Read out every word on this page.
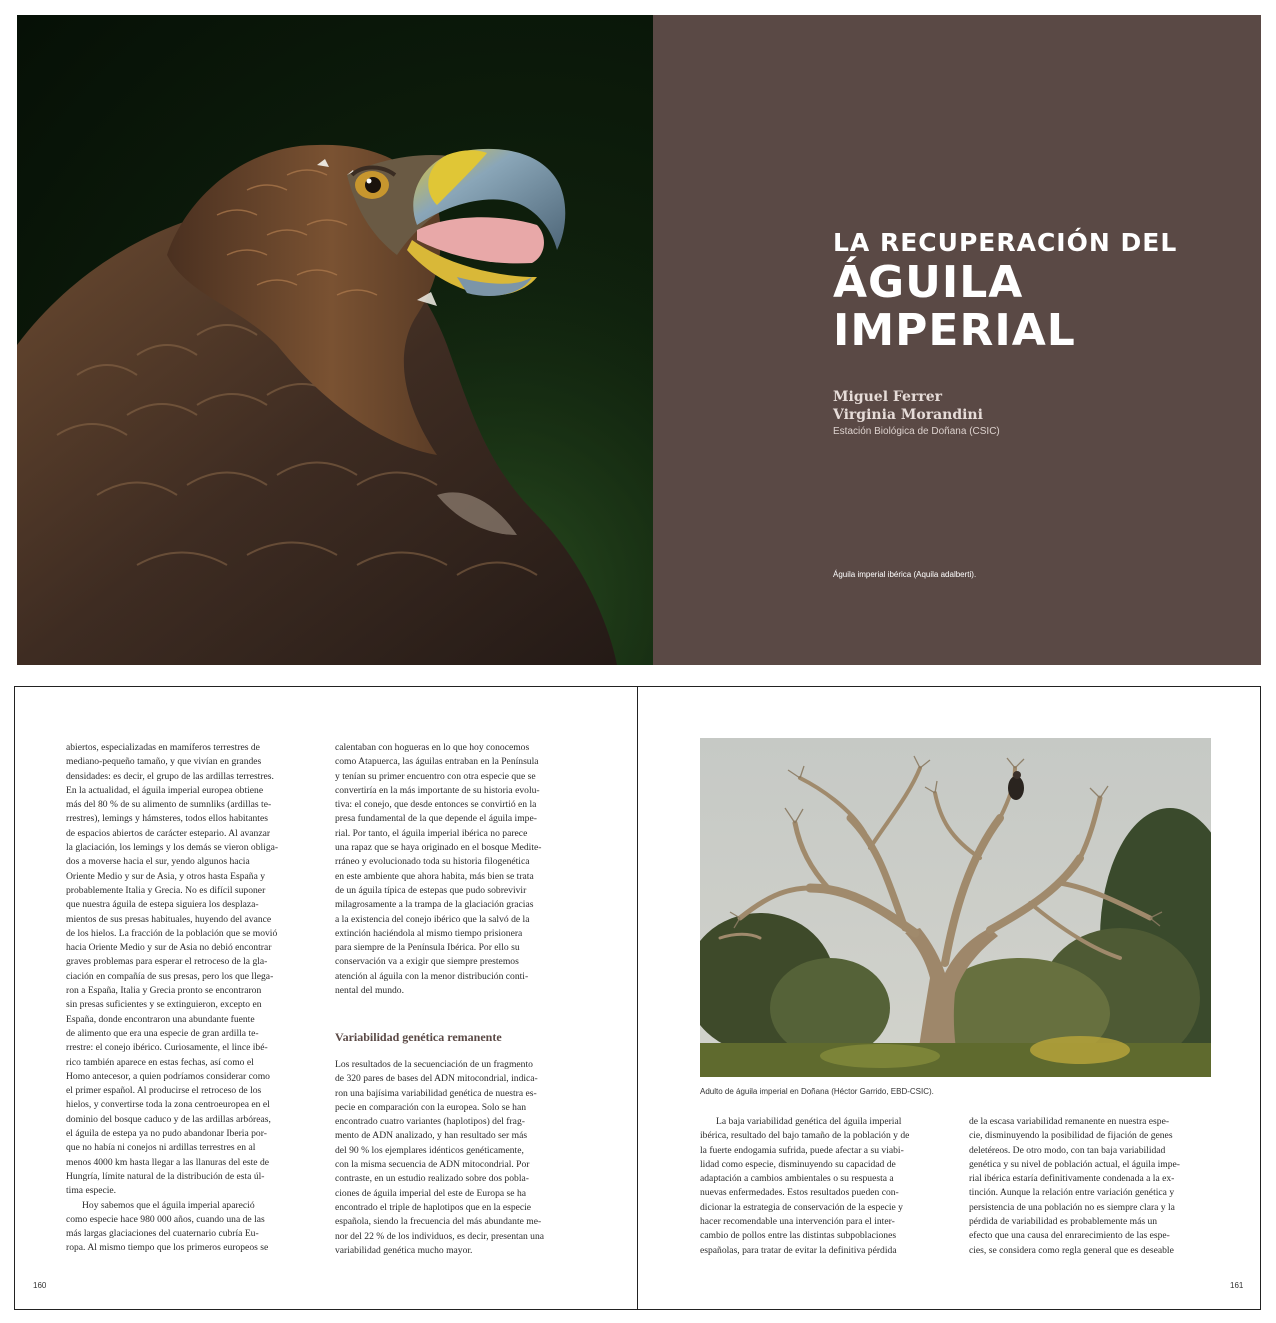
LA RECUPERACIÓN DEL
ÁGUILA
IMPERIAL
Miguel Ferrer
Virginia Morandini
Estación Biológica de Doñana (CSIC)
Águila imperial ibérica (Aquila adalberti).
abiertos, especializadas en mamíferos terrestres de
mediano-pequeño tamaño, y que vivían en grandes
densidades: es decir, el grupo de las ardillas terrestres.
En la actualidad, el águila imperial europea obtiene
más del 80 % de su alimento de sumnliks (ardillas te-
rrestres), lemings y hámsteres, todos ellos habitantes
de espacios abiertos de carácter estepario. Al avanzar
la glaciación, los lemings y los demás se vieron obliga-
dos a moverse hacia el sur, yendo algunos hacia
Oriente Medio y sur de Asia, y otros hasta España y
probablemente Italia y Grecia. No es difícil suponer
que nuestra águila de estepa siguiera los desplaza-
mientos de sus presas habituales, huyendo del avance
de los hielos. La fracción de la población que se movió
hacia Oriente Medio y sur de Asia no debió encontrar
graves problemas para esperar el retroceso de la gla-
ciación en compañía de sus presas, pero los que llega-
ron a España, Italia y Grecia pronto se encontraron
sin presas suficientes y se extinguieron, excepto en
España, donde encontraron una abundante fuente
de alimento que era una especie de gran ardilla te-
rrestre: el conejo ibérico. Curiosamente, el lince ibé-
rico también aparece en estas fechas, así como el
Homo antecesor, a quien podríamos considerar como
el primer español. Al producirse el retroceso de los
hielos, y convertirse toda la zona centroeuropea en el
dominio del bosque caduco y de las ardillas arbóreas,
el águila de estepa ya no pudo abandonar Iberia por-
que no había ni conejos ni ardillas terrestres en al
menos 4000 km hasta llegar a las llanuras del este de
Hungría, límite natural de la distribución de esta úl-
tima especie.
Hoy sabemos que el águila imperial apareció
como especie hace 980 000 años, cuando una de las
más largas glaciaciones del cuaternario cubría Eu-
ropa. Al mismo tiempo que los primeros europeos se
calentaban con hogueras en lo que hoy conocemos
como Atapuerca, las águilas entraban en la Península
y tenían su primer encuentro con otra especie que se
convertiría en la más importante de su historia evolu-
tiva: el conejo, que desde entonces se convirtió en la
presa fundamental de la que depende el águila impe-
rial. Por tanto, el águila imperial ibérica no parece
una rapaz que se haya originado en el bosque Medite-
rráneo y evolucionado toda su historia filogenética
en este ambiente que ahora habita, más bien se trata
de un águila típica de estepas que pudo sobrevivir
milagrosamente a la trampa de la glaciación gracias
a la existencia del conejo ibérico que la salvó de la
extinción haciéndola al mismo tiempo prisionera
para siempre de la Península Ibérica. Por ello su
conservación va a exigir que siempre prestemos
atención al águila con la menor distribución conti-
nental del mundo.
Variabilidad genética remanente
Los resultados de la secuenciación de un fragmento
de 320 pares de bases del ADN mitocondrial, indica-
ron una bajísima variabilidad genética de nuestra es-
pecie en comparación con la europea. Solo se han
encontrado cuatro variantes (haplotipos) del frag-
mento de ADN analizado, y han resultado ser más
del 90 % los ejemplares idénticos genéticamente,
con la misma secuencia de ADN mitocondrial. Por
contraste, en un estudio realizado sobre dos pobla-
ciones de águila imperial del este de Europa se ha
encontrado el triple de haplotipos que en la especie
española, siendo la frecuencia del más abundante me-
nor del 22 % de los individuos, es decir, presentan una
variabilidad genética mucho mayor.
160
Adulto de águila imperial en Doñana (Héctor Garrido, EBD-CSIC).
La baja variabilidad genética del águila imperial
ibérica, resultado del bajo tamaño de la población y de
la fuerte endogamia sufrida, puede afectar a su viabi-
lidad como especie, disminuyendo su capacidad de
adaptación a cambios ambientales o su respuesta a
nuevas enfermedades. Estos resultados pueden con-
dicionar la estrategia de conservación de la especie y
hacer recomendable una intervención para el inter-
cambio de pollos entre las distintas subpoblaciones
españolas, para tratar de evitar la definitiva pérdida
de la escasa variabilidad remanente en nuestra espe-
cie, disminuyendo la posibilidad de fijación de genes
deletéreos. De otro modo, con tan baja variabilidad
genética y su nivel de población actual, el águila impe-
rial ibérica estaría definitivamente condenada a la ex-
tinción. Aunque la relación entre variación genética y
persistencia de una población no es siempre clara y la
pérdida de variabilidad es probablemente más un
efecto que una causa del enrarecimiento de las espe-
cies, se considera como regla general que es deseable
161
